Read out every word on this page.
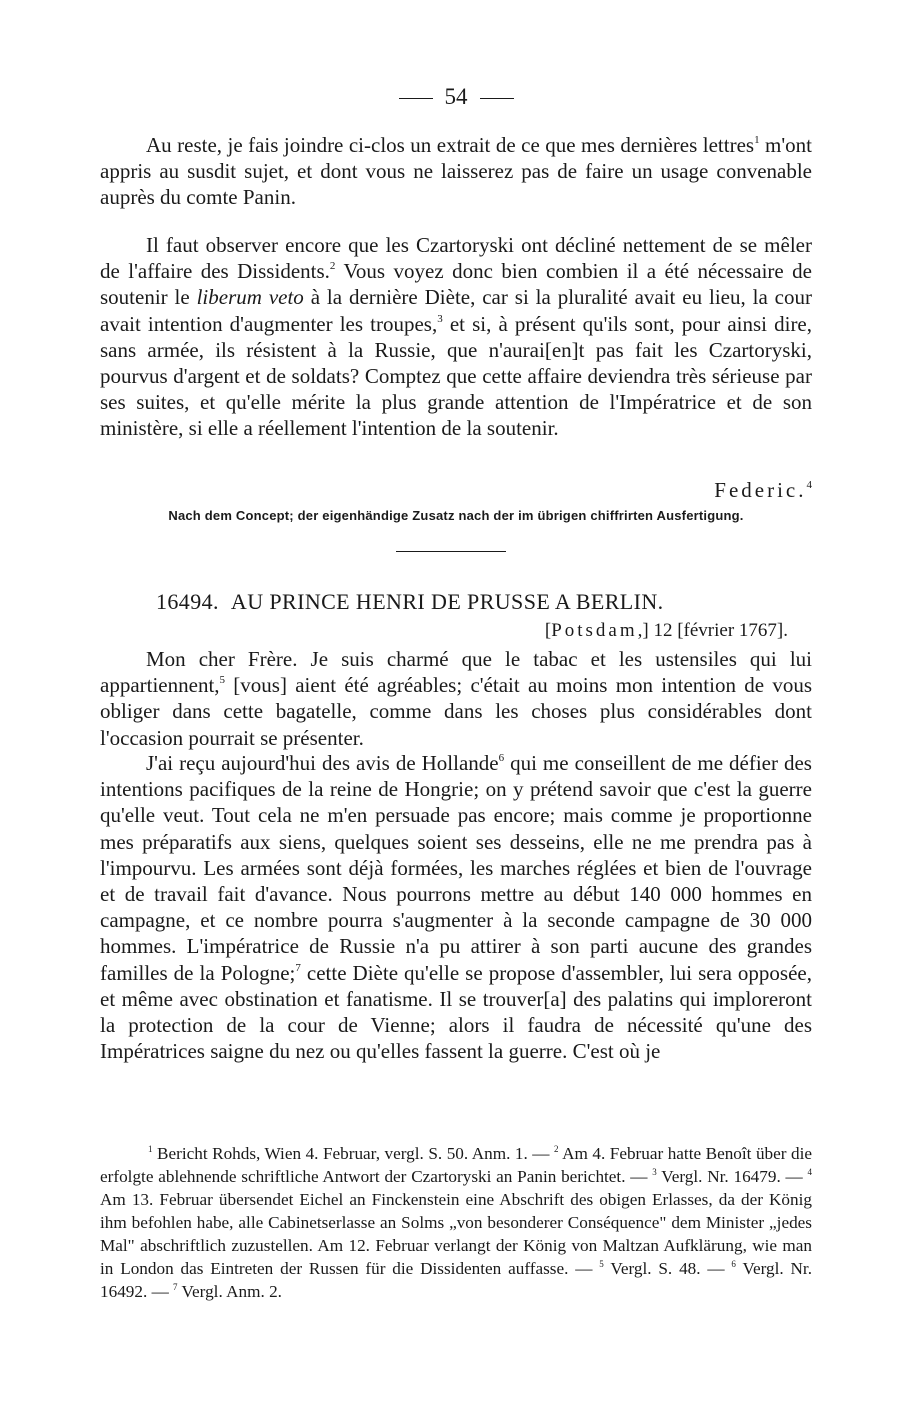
54
Au reste, je fais joindre ci-clos un extrait de ce que mes dernières lettres$^1$ m'ont appris au susdit sujet, et dont vous ne laisserez pas de faire un usage convenable auprès du comte Panin.
Il faut observer encore que les Czartoryski ont décliné nettement de se mêler de l'affaire des Dissidents.$^2$ Vous voyez donc bien combien il a été nécessaire de soutenir le liberum veto à la dernière Diète, car si la pluralité avait eu lieu, la cour avait intention d'augmenter les troupes,$^3$ et si, à présent qu'ils sont, pour ainsi dire, sans armée, ils résistent à la Russie, que n'aurai[en]t pas fait les Czartoryski, pourvus d'argent et de soldats? Comptez que cette affaire deviendra très sérieuse par ses suites, et qu'elle mérite la plus grande attention de l'Impératrice et de son ministère, si elle a réellement l'intention de la soutenir.
Federic.$^4$
Nach dem Concept; der eigenhändige Zusatz nach der im übrigen chiffrirten Ausfertigung.
16494. AU PRINCE HENRI DE PRUSSE A BERLIN.
[Potsdam,] 12 [février 1767].
Mon cher Frère. Je suis charmé que le tabac et les ustensiles qui lui appartiennent,$^5$ [vous] aient été agréables; c'était au moins mon intention de vous obliger dans cette bagatelle, comme dans les choses plus considérables dont l'occasion pourrait se présenter.
J'ai reçu aujourd'hui des avis de Hollande$^6$ qui me conseillent de me défier des intentions pacifiques de la reine de Hongrie; on y prétend savoir que c'est la guerre qu'elle veut. Tout cela ne m'en persuade pas encore; mais comme je proportionne mes préparatifs aux siens, quelques soient ses desseins, elle ne me prendra pas à l'impourvu. Les armées sont déjà formées, les marches réglées et bien de l'ouvrage et de travail fait d'avance. Nous pourrons mettre au début 140 000 hommes en campagne, et ce nombre pourra s'augmenter à la seconde campagne de 30 000 hommes. L'impératrice de Russie n'a pu attirer à son parti aucune des grandes familles de la Pologne;$^7$ cette Diète qu'elle se propose d'assembler, lui sera opposée, et même avec obstination et fanatisme. Il se trouver[a] des palatins qui imploreront la protection de la cour de Vienne; alors il faudra de nécessité qu'une des Impératrices saigne du nez ou qu'elles fassent la guerre. C'est où je
$^1$ Bericht Rohds, Wien 4. Februar, vergl. S. 50. Anm. 1. — $^2$ Am 4. Februar hatte Benoît über die erfolgte ablehnende schriftliche Antwort der Czartoryski an Panin berichtet. — $^3$ Vergl. Nr. 16479. — $^4$ Am 13. Februar übersendet Eichel an Finckenstein eine Abschrift des obigen Erlasses, da der König ihm befohlen habe, alle Cabinetserlasse an Solms „von besonderer Conséquence" dem Minister „jedes Mal" abschriftlich zuzustellen. Am 12. Februar verlangt der König von Maltzan Aufklärung, wie man in London das Eintreten der Russen für die Dissidenten auffasse. — $^5$ Vergl. S. 48. — $^6$ Vergl. Nr. 16492. — $^7$ Vergl. Anm. 2.
